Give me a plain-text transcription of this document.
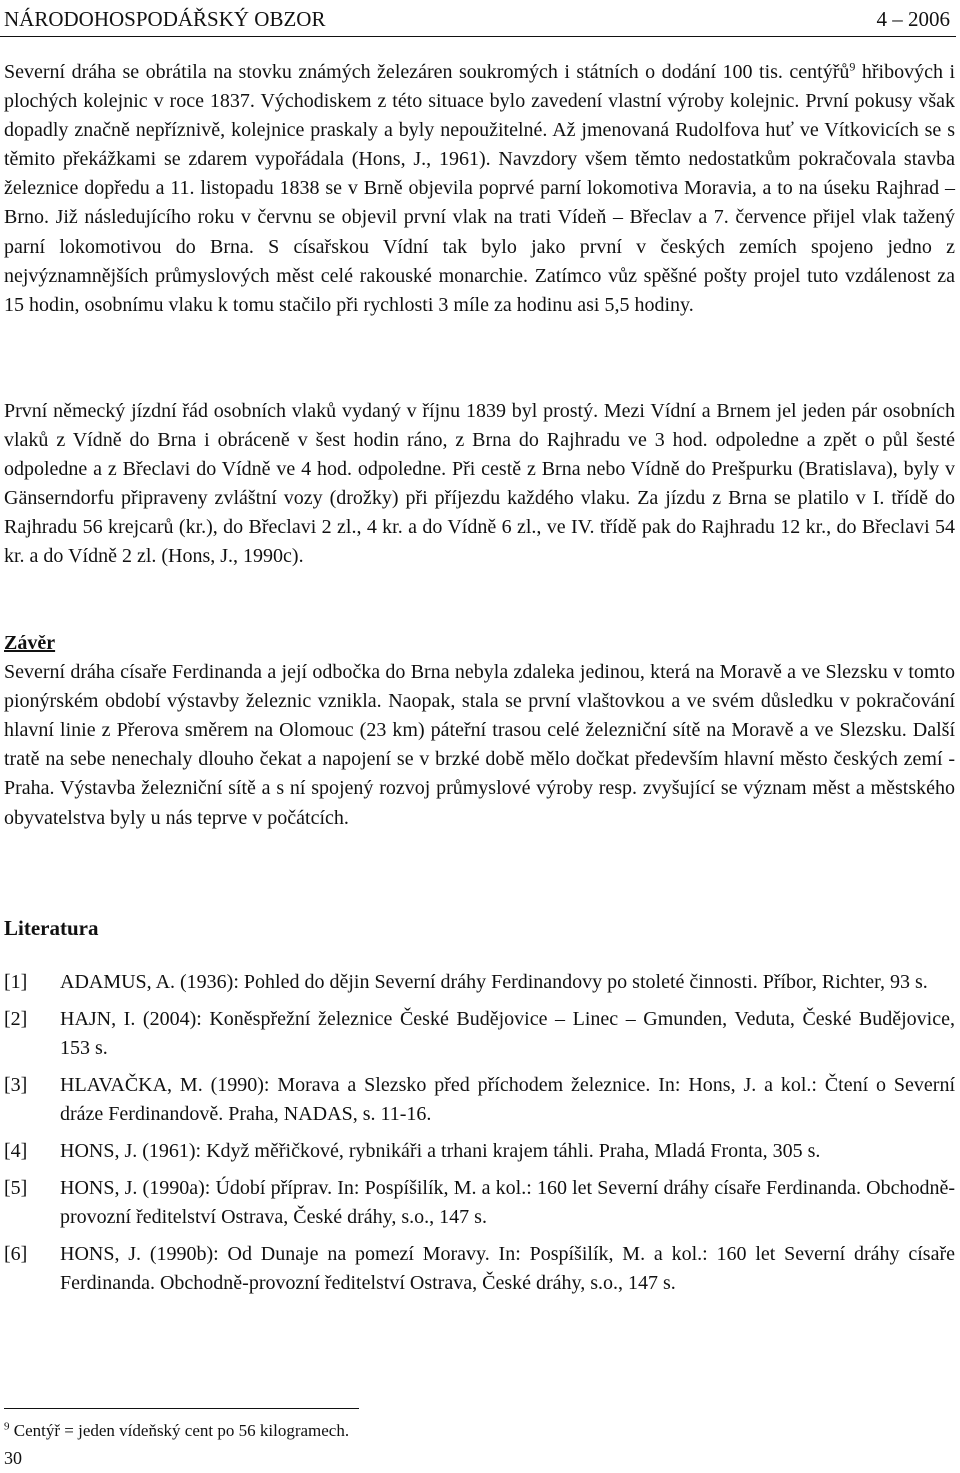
NÁRODOHOSPODÁŘSKÝ OBZOR	4 – 2006

Severní dráha se obrátila na stovku známých železáren soukromých i státních o dodání 100 tis. centýřů$^9$ hřibových i plochých kolejnic v roce 1837. Východiskem z této situace bylo zavedení vlastní výroby kolejnic. První pokusy však dopadly značně nepříznivě, kolejnice praskaly a byly nepoužitelné. Až jmenovaná Rudolfova huť ve Vítkovicích se s těmito překážkami se zdarem vypořádala (Hons, J., 1961). Navzdory všem těmto nedostatkům pokračovala stavba železnice dopředu a 11. listopadu 1838 se v Brně objevila poprvé parní lokomotiva Moravia, a to na úseku Rajhrad – Brno. Již následujícího roku v červnu se objevil první vlak na trati Vídeň – Břeclav a 7. července přijel vlak tažený parní lokomotivou do Brna. S císařskou Vídní tak bylo jako první v českých zemích spojeno jedno z nejvýznamnějších průmyslových měst celé rakouské monarchie. Zatímco vůz spěšné pošty projel tuto vzdálenost za 15 hodin, osobnímu vlaku k tomu stačilo při rychlosti 3 míle za hodinu asi 5,5 hodiny.

První německý jízdní řád osobních vlaků vydaný v říjnu 1839 byl prostý. Mezi Vídní a Brnem jel jeden pár osobních vlaků z Vídně do Brna i obráceně v šest hodin ráno, z Brna do Rajhradu ve 3 hod. odpoledne a zpět o půl šesté odpoledne a z Břeclavi do Vídně ve 4 hod. odpoledne. Při cestě z Brna nebo Vídně do Prešpurku (Bratislava), byly v Gänserndorfu připraveny zvláštní vozy (drožky) při příjezdu každého vlaku. Za jízdu z Brna se platilo v I. třídě do Rajhradu 56 krejcarů (kr.), do Břeclavi 2 zl., 4 kr. a do Vídně 6 zl., ve IV. třídě pak do Rajhradu 12 kr., do Břeclavi 54 kr. a do Vídně 2 zl. (Hons, J., 1990c).

Závěr

Severní dráha císaře Ferdinanda a její odbočka do Brna nebyla zdaleka jedinou, která na Moravě a ve Slezsku v tomto pionýrském období výstavby železnic vznikla. Naopak, stala se první vlaštovkou a ve svém důsledku v pokračování hlavní linie z Přerova směrem na Olomouc (23 km) páteřní trasou celé železniční sítě na Moravě a ve Slezsku. Další tratě na sebe nenechaly dlouho čekat a napojení se v brzké době mělo dočkat především hlavní město českých zemí - Praha. Výstavba železniční sítě a s ní spojený rozvoj průmyslové výroby resp. zvyšující se význam měst a městského obyvatelstva byly u nás teprve v počátcích.

Literatura
[1]	ADAMUS, A. (1936): Pohled do dějin Severní dráhy Ferdinandovy po stoleté činnosti. Příbor, Richter, 93 s.
[2]	HAJN, I. (2004): Koněspřežní železnice České Budějovice – Linec – Gmunden, Veduta, České Budějovice, 153 s.
[3]	HLAVAČKA, M. (1990): Morava a Slezsko před příchodem železnice. In: Hons, J. a kol.: Čtení o Severní dráze Ferdinandově. Praha, NADAS, s. 11-16.
[4]	HONS, J. (1961): Když měřičkové, rybnikáři a trhani krajem táhli. Praha, Mladá Fronta, 305 s.
[5]	HONS, J. (1990a): Údobí příprav. In: Pospíšilík, M. a kol.: 160 let Severní dráhy císaře Ferdinanda. Obchodně-provozní ředitelství Ostrava, České dráhy, s.o., 147 s.
[6]	HONS, J. (1990b): Od Dunaje na pomezí Moravy. In: Pospíšilík, M. a kol.: 160 let Severní dráhy císaře Ferdinanda. Obchodně-provozní ředitelství Ostrava, České dráhy, s.o., 147 s.
$^9$ Centýř = jeden vídeňský cent po 56 kilogramech.
30
